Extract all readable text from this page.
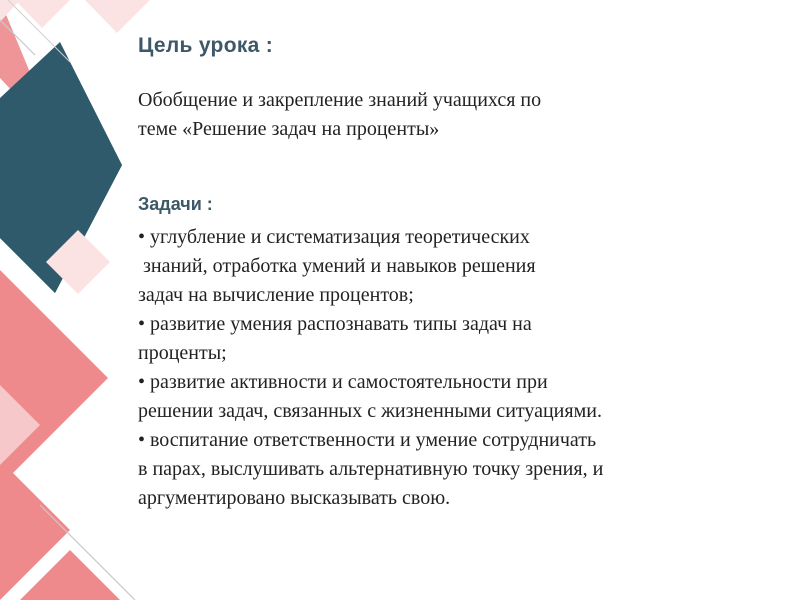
Цель урока :
Обобщение и закрепление знаний учащихся по
теме «Решение задач на проценты»
Задачи :
• углубление и систематизация теоретических
знаний, отработка умений и навыков решения
задач на вычисление процентов;
• развитие умения распознавать типы задач на
проценты;
• развитие активности и самостоятельности при
решении задач, связанных с жизненными ситуациями.
• воспитание ответственности и умение сотрудничать
в парах, выслушивать альтернативную точку зрения, и
аргументировано высказывать свою.
